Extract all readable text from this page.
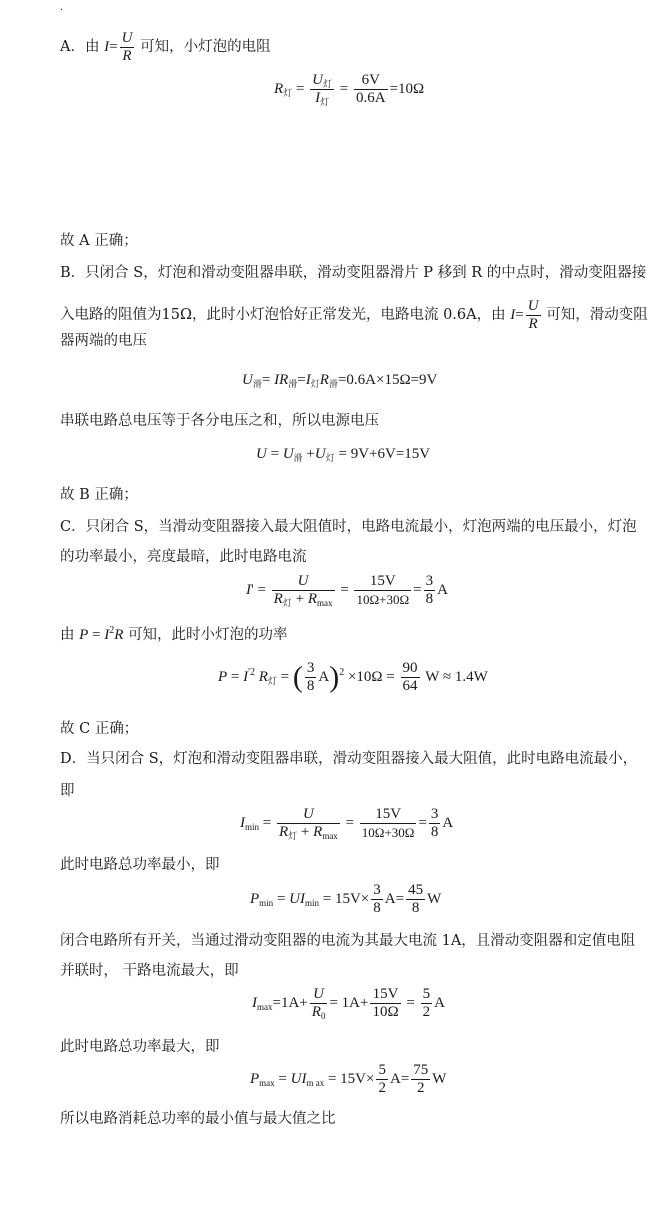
.
A．由 $I= \frac{U}{R}$ 可知，小灯泡的电阻
$R_灯 = \frac{U_灯}{I_灯} = \frac{6V}{0.6A} =10\Omega$
故 A 正确；
B．只闭合 S，灯泡和滑动变阻器串联，滑动变阻器滑片 P 移到 R 的中点时，滑动变阻器接
入电路的阻值为15Ω，此时小灯泡恰好正常发光，电路电流 0.6A，由 $I= \frac{U}{R}$ 可知，滑动变阻
器两端的电压
$U_滑= IR_滑=I_灯R_滑=0.6A\times 15\Omega=9V$
串联电路总电压等于各分电压之和，所以电源电压
$U = U_滑 +U_灯 = 9V+6V=15V$
故 B 正确；
C．只闭合 S，当滑动变阻器接入最大阻值时，电路电流最小，灯泡两端的电压最小，灯泡
的功率最小，亮度最暗，此时电路电流
$I' = \frac{U}{R_灯 + R_{max}} = \frac{15V}{10\Omega+30\Omega} = \frac{3}{8}$ A
由 $P = I^2R$ 可知，此时小灯泡的功率
$P = I^{'2}$ $R_灯$ = ( $\frac{3}{8} A)^2 \times 10\Omega = \frac{90}{64}$ W ≈ 1.4W
故 C 正确；
D．当只闭合 S，灯泡和滑动变阻器串联，滑动变阻器接入最大阻值，此时电路电流最小，
即
$I_{min} = \frac{U}{R_灯 + R_{max}} = \frac{15V}{10\Omega+30\Omega} = \frac{3}{8}$ A
此时电路总功率最小，即
$P_{min} = UI_{min} = 15V\times \frac{3}{8} A= \frac{45}{8}$ W
闭合电路所有开关，当通过滑动变阻器的电流为其最大电流 1A，且滑动变阻器和定值电阻
并联时， 干路电流最大，即
$I_{max}=1A+ \frac{U}{R_0} = 1A+ \frac{15V}{10\Omega} = \frac{5}{2}$ A
此时电路总功率最大，即
$P_{max} = UI_{m ax} = 15V\times \frac{5}{2} A= \frac{75}{2}$ W
所以电路消耗总功率的最小值与最大值之比
